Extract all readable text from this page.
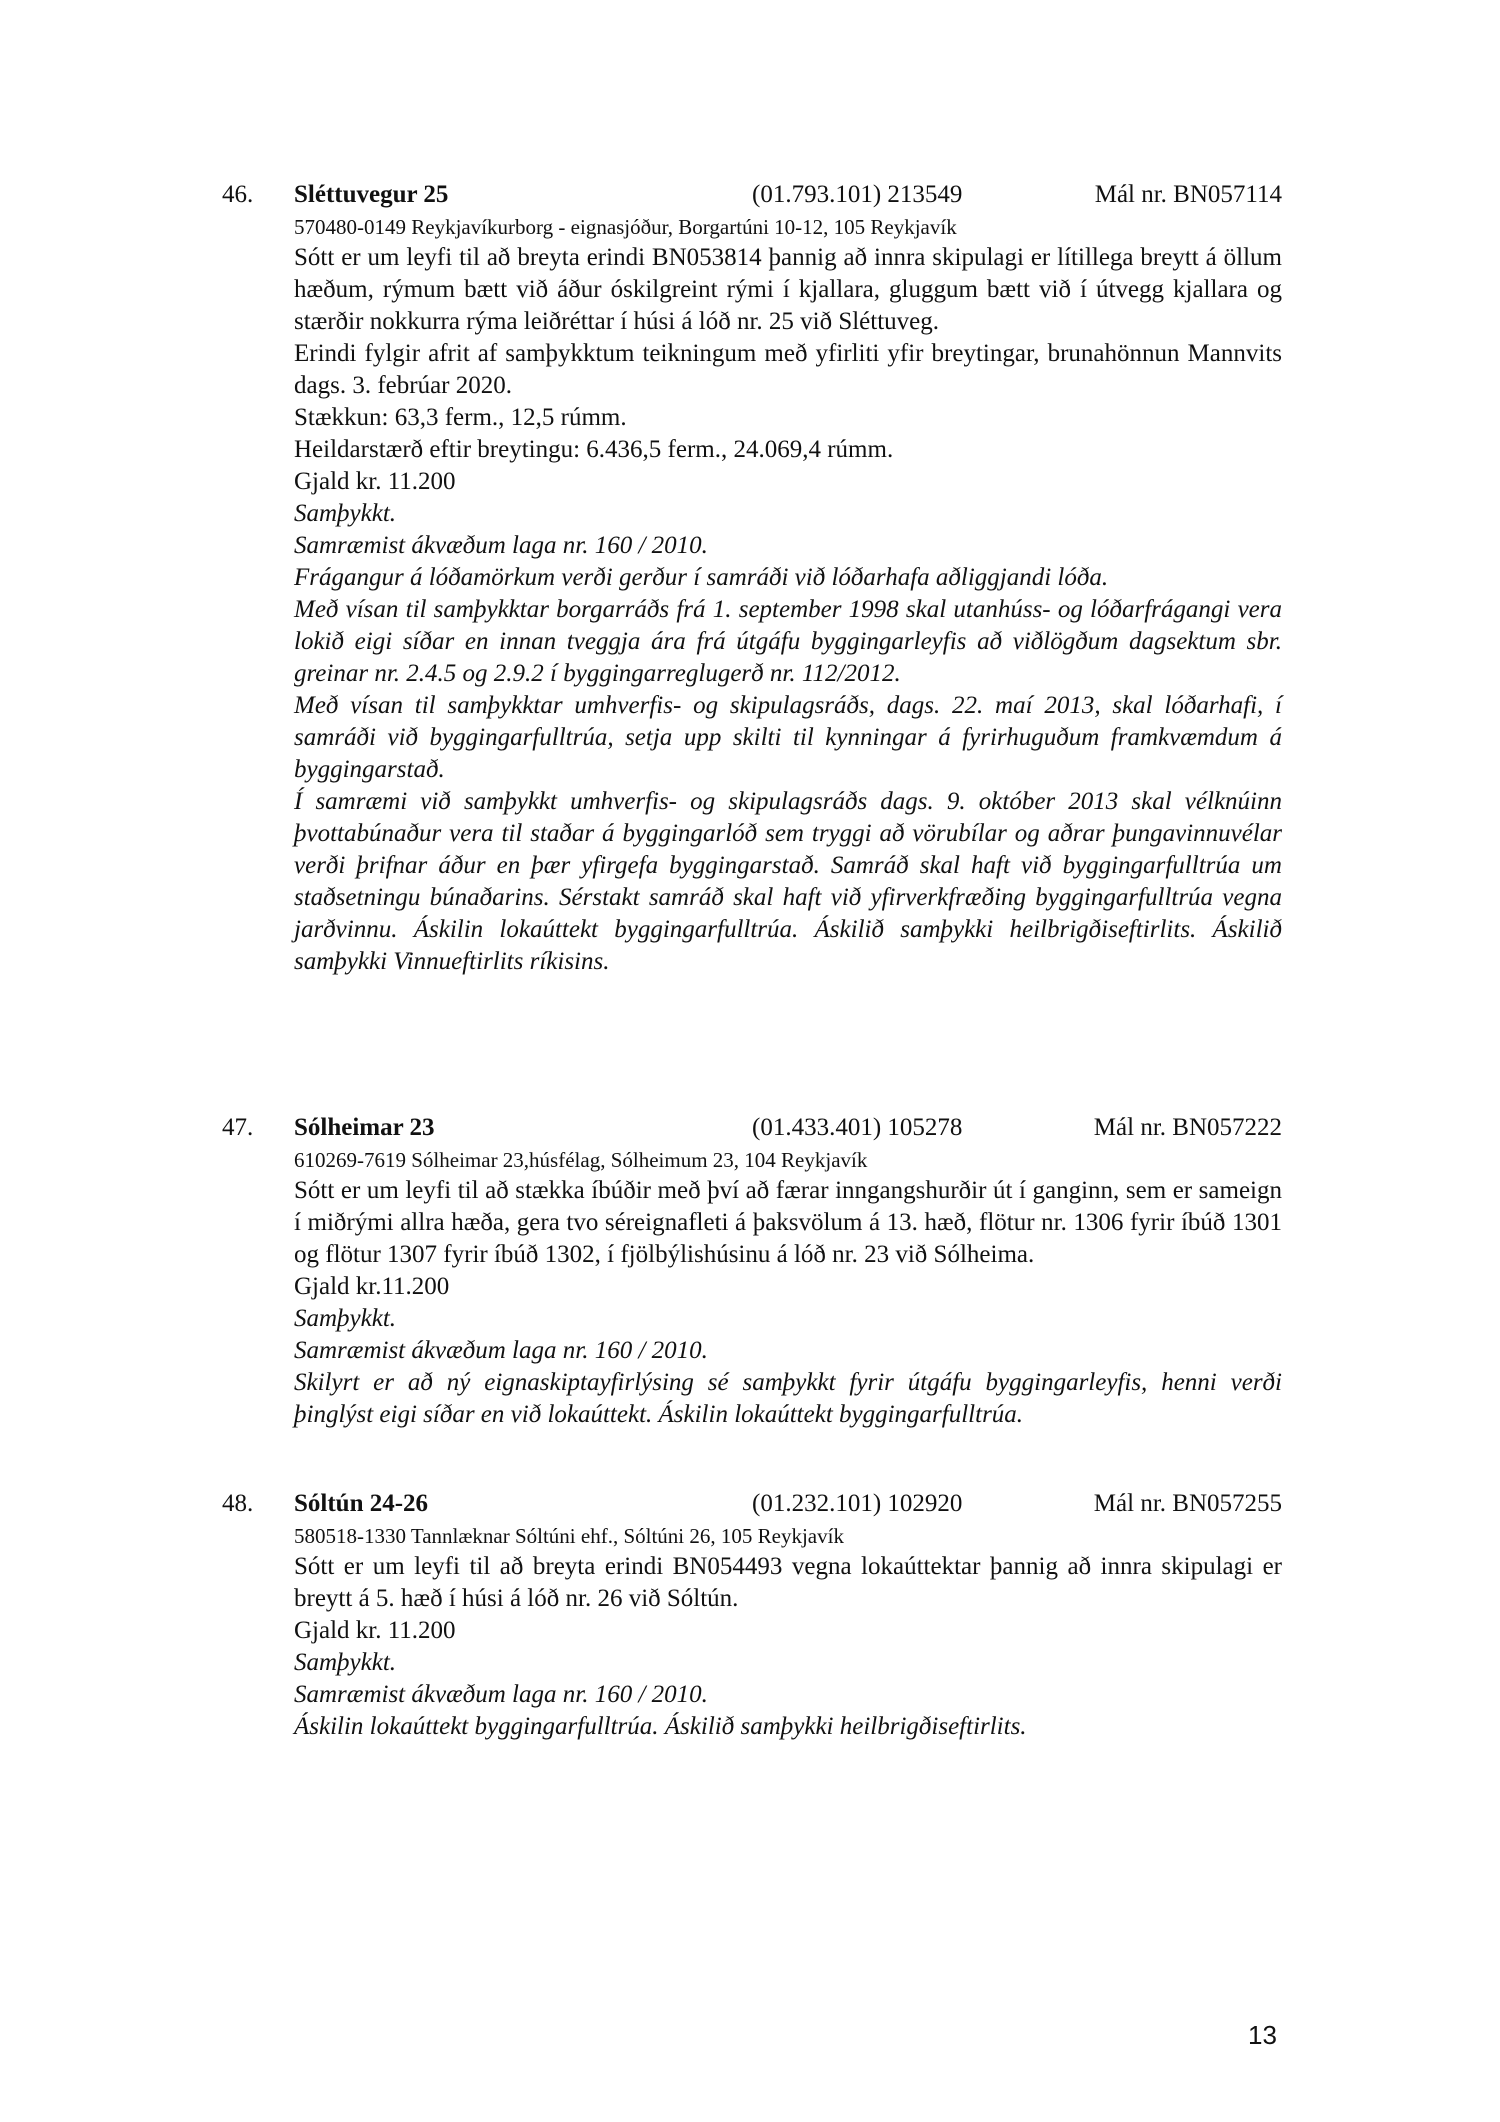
46. Sléttuvegur 25	(01.793.101) 213549	Mál nr. BN057114
570480-0149 Reykjavíkurborg - eignasjóður, Borgartúni 10-12, 105 Reykjavík

Sótt er um leyfi til að breyta erindi BN053814 þannig að innra skipulagi er lítillega breytt á öllum hæðum, rýmum bætt við áður óskilgreint rými í kjallara, gluggum bætt við í útvegg kjallara og stærðir nokkurra rýma leiðréttar í húsi á lóð nr. 25 við Sléttuveg.

Erindi fylgir afrit af samþykktum teikningum með yfirliti yfir breytingar, brunahönnun Mannvits dags. 3. febrúar 2020.

Stækkun: 63,3 ferm., 12,5 rúmm.

Heildarstærð eftir breytingu: 6.436,5 ferm., 24.069,4 rúmm.

Gjald kr. 11.200

Samþykkt.

Samræmist ákvæðum laga nr. 160 / 2010.

Frágangur á lóðamörkum verði gerður í samráði við lóðarhafa aðliggjandi lóða.

Með vísan til samþykktar borgarráðs frá 1. september 1998 skal utanhúss- og lóðarfrágangi vera lokið eigi síðar en innan tveggja ára frá útgáfu byggingarleyfis að viðlögðum dagsektum sbr. greinar nr. 2.4.5 og 2.9.2 í byggingarreglugerð nr. 112/2012.

Með vísan til samþykktar umhverfis- og skipulagsráðs, dags. 22. maí 2013, skal lóðarhafi, í samráði við byggingarfulltrúa, setja upp skilti til kynningar á fyrirhuguðum framkvæmdum á byggingarstað.

Í samræmi við samþykkt umhverfis- og skipulagsráðs dags. 9. október 2013 skal vélknúinn þvottabúnaður vera til staðar á byggingarlóð sem tryggi að vörubílar og aðrar þungavinnuvélar verði þrifnar áður en þær yfirgefa byggingarstað. Samráð skal haft við byggingarfulltrúa um staðsetningu búnaðarins. Sérstakt samráð skal haft við yfirverkfræðing byggingarfulltrúa vegna jarðvinnu. Áskilin lokaúttekt byggingarfulltrúa. Áskilið samþykki heilbrigðiseftirlits. Áskilið samþykki Vinnueftirlits ríkisins.

47. Sólheimar 23	(01.433.401) 105278	Mál nr. BN057222
610269-7619 Sólheimar 23,húsfélag, Sólheimum 23, 104 Reykjavík

Sótt er um leyfi til að stækka íbúðir með því að færar inngangshurðir út í ganginn, sem er sameign í miðrými allra hæða, gera tvo séreignafleti á þaksvölum á 13. hæð, flötur nr. 1306 fyrir íbúð 1301 og flötur 1307 fyrir íbúð 1302, í fjölbýlishúsinu á lóð nr. 23 við Sólheima.

Gjald kr.11.200

Samþykkt.

Samræmist ákvæðum laga nr. 160 / 2010.

Skilyrt er að ný eignaskiptayfirlýsing sé samþykkt fyrir útgáfu byggingarleyfis, henni verði þinglýst eigi síðar en við lokaúttekt. Áskilin lokaúttekt byggingarfulltrúa.

48. Sóltún 24-26	(01.232.101) 102920	Mál nr. BN057255
580518-1330 Tannlæknar Sóltúni ehf., Sóltúni 26, 105 Reykjavík

Sótt er um leyfi til að breyta erindi BN054493 vegna lokaúttektar þannig að innra skipulagi er breytt á 5. hæð í húsi á lóð nr. 26 við Sóltún.

Gjald kr. 11.200

Samþykkt.

Samræmist ákvæðum laga nr. 160 / 2010.

Áskilin lokaúttekt byggingarfulltrúa. Áskilið samþykki heilbrigðiseftirlits.

13
